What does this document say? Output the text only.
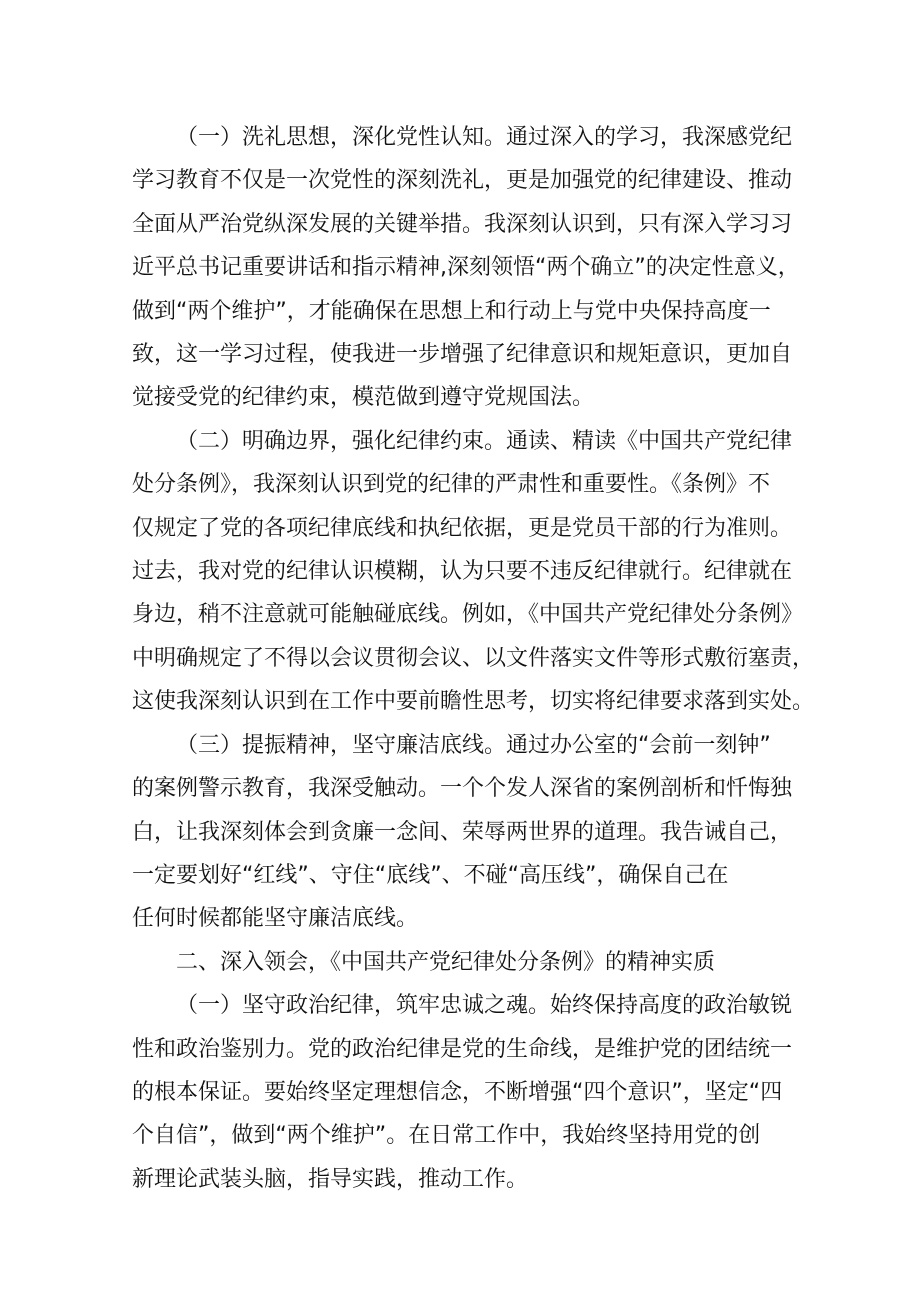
（一）洗礼思想，深化党性认知。通过深入的学习，我深感党纪
学习教育不仅是一次党性的深刻洗礼，更是加强党的纪律建设、推动
全面从严治党纵深发展的关键举措。我深刻认识到，只有深入学习习
近平总书记重要讲话和指示精神,深刻领悟“两个确立”的决定性意义，
做到“两个维护”，才能确保在思想上和行动上与党中央保持高度一
致，这一学习过程，使我进一步增强了纪律意识和规矩意识，更加自
觉接受党的纪律约束，模范做到遵守党规国法。
（二）明确边界，强化纪律约束。通读、精读《中国共产党纪律
处分条例》，我深刻认识到党的纪律的严肃性和重要性。《条例》不
仅规定了党的各项纪律底线和执纪依据，更是党员干部的行为准则。
过去，我对党的纪律认识模糊，认为只要不违反纪律就行。纪律就在
身边，稍不注意就可能触碰底线。例如，《中国共产党纪律处分条例》
中明确规定了不得以会议贯彻会议、以文件落实文件等形式敷衍塞责，
这使我深刻认识到在工作中要前瞻性思考，切实将纪律要求落到实处。
（三）提振精神，坚守廉洁底线。通过办公室的“会前一刻钟”
的案例警示教育，我深受触动。一个个发人深省的案例剖析和忏悔独
白，让我深刻体会到贪廉一念间、荣辱两世界的道理。我告诫自己，
一定要划好“红线”、守住“底线”、不碰“高压线”，确保自己在
任何时候都能坚守廉洁底线。
二、深入领会，《中国共产党纪律处分条例》的精神实质
（一）坚守政治纪律，筑牢忠诚之魂。始终保持高度的政治敏锐
性和政治鉴别力。党的政治纪律是党的生命线，是维护党的团结统一
的根本保证。要始终坚定理想信念，不断增强“四个意识”，坚定“四
个自信”，做到“两个维护”。在日常工作中，我始终坚持用党的创
新理论武装头脑，指导实践，推动工作。
